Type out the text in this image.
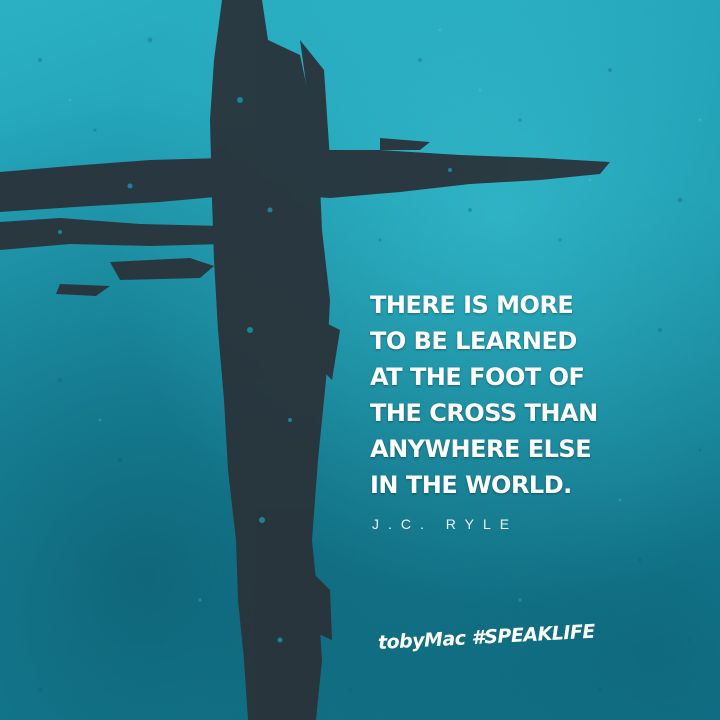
THERE IS MORE
TO BE LEARNED
AT THE FOOT OF
THE CROSS THAN
ANYWHERE ELSE
IN THE WORLD.
J.C. RYLE
tobyMac #SPEAKLIFE
